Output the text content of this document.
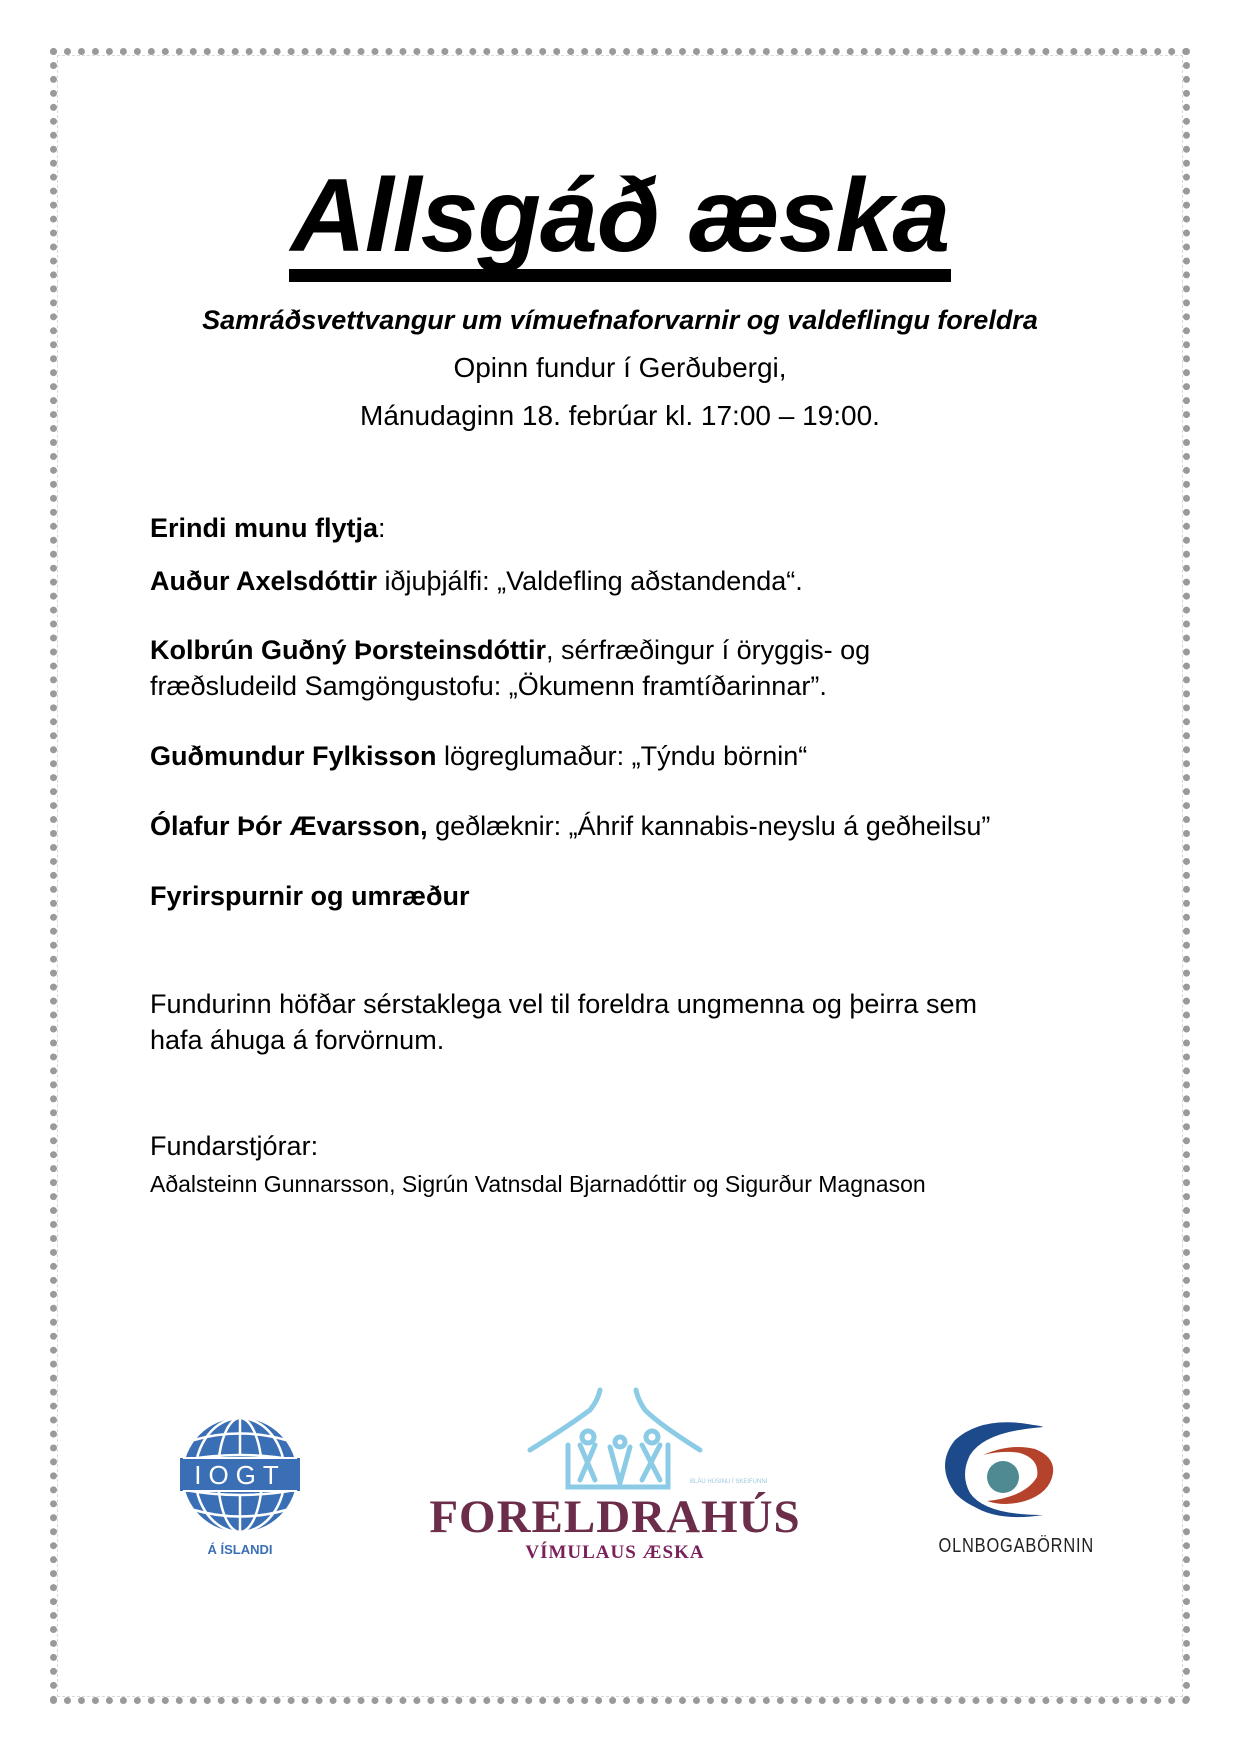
Allsgáð æska
Samráðsvettvangur um vímuefnaforvarnir og valdeflingu foreldra
Opinn fundur í Gerðubergi,
Mánudaginn 18. febrúar kl. 17:00 – 19:00.
Erindi munu flytja:
Auður Axelsdóttir iðjuþjálfi: „Valdefling aðstandenda“.
Kolbrún Guðný Þorsteinsdóttir, sérfræðingur í öryggis- og
fræðsludeild Samgöngustofu: „Ökumenn framtíðarinnar”.
Guðmundur Fylkisson lögreglumaður: „Týndu börnin“
Ólafur Þór Ævarsson, geðlæknir: „Áhrif kannabis-neyslu á geðheilsu”
Fyrirspurnir og umræður
Fundurinn höfðar sérstaklega vel til foreldra ungmenna og þeirra sem
hafa áhuga á forvörnum.
Fundarstjórar:
Aðalsteinn Gunnarsson, Sigrún Vatnsdal Bjarnadóttir og Sigurður Magnason
IOGT
Á ÍSLANDI
BLÁU HÚSINU Í SKEIFUNNI
FORELDRAHÚS
VÍMULAUS ÆSKA	OLNBOGABÖRNIN
